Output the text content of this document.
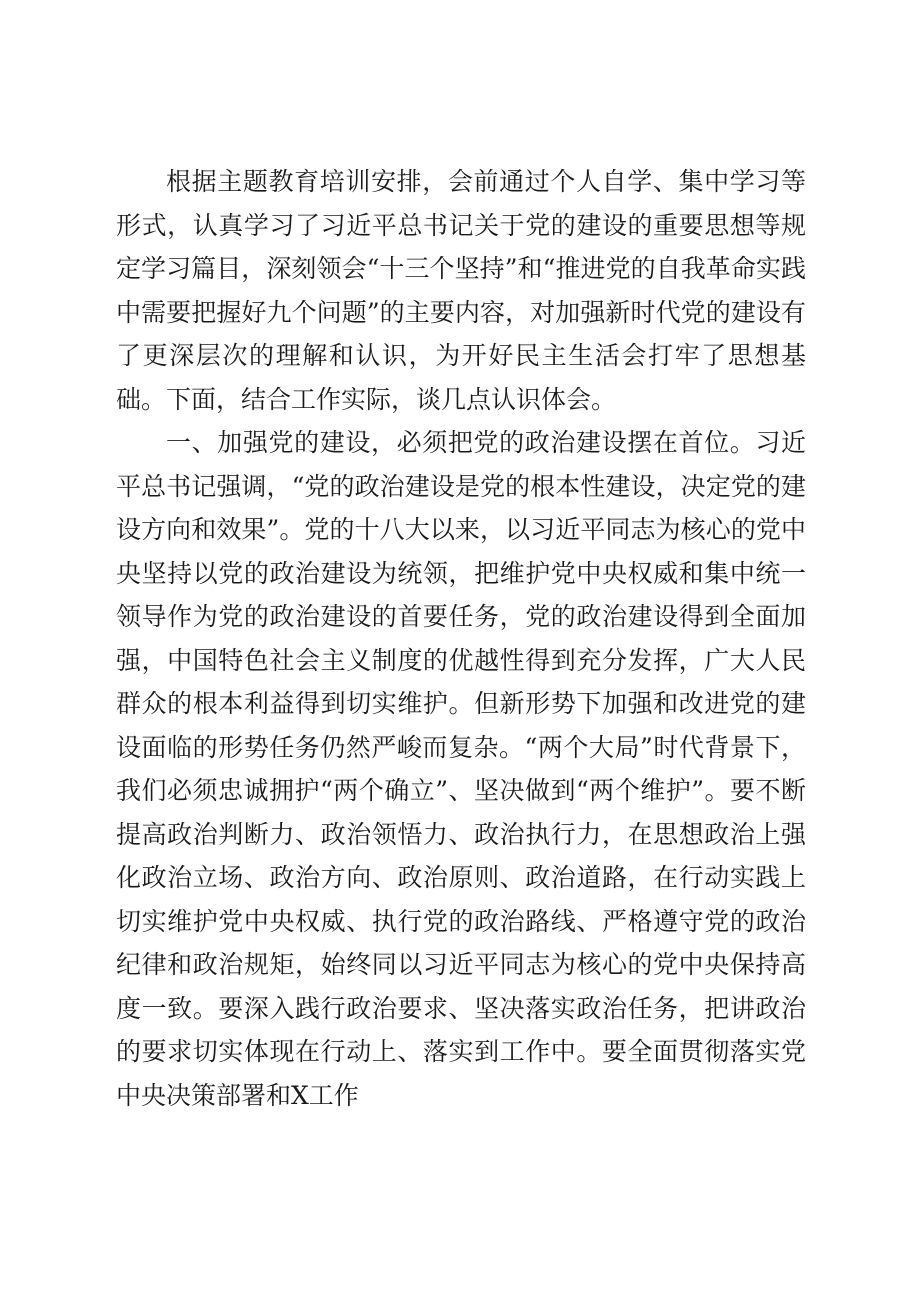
根据主题教育培训安排，会前通过个人自学、集中学习等形式，认真学习了习近平总书记关于党的建设的重要思想等规定学习篇目，深刻领会“十三个坚持”和“推进党的自我革命实践中需要把握好九个问题”的主要内容，对加强新时代党的建设有了更深层次的理解和认识，为开好民主生活会打牢了思想基础。下面，结合工作实际，谈几点认识体会。

一、加强党的建设，必须把党的政治建设摆在首位。习近平总书记强调，“党的政治建设是党的根本性建设，决定党的建设方向和效果”。党的十八大以来，以习近平同志为核心的党中央坚持以党的政治建设为统领，把维护党中央权威和集中统一领导作为党的政治建设的首要任务，党的政治建设得到全面加强，中国特色社会主义制度的优越性得到充分发挥，广大人民群众的根本利益得到切实维护。但新形势下加强和改进党的建设面临的形势任务仍然严峻而复杂。“两个大局”时代背景下，我们必须忠诚拥护“两个确立”、坚决做到“两个维护”。要不断提高政治判断力、政治领悟力、政治执行力，在思想政治上强化政治立场、政治方向、政治原则、政治道路，在行动实践上切实维护党中央权威、执行党的政治路线、严格遵守党的政治纪律和政治规矩，始终同以习近平同志为核心的党中央保持高度一致。要深入践行政治要求、坚决落实政治任务，把讲政治的要求切实体现在行动上、落实到工作中。要全面贯彻落实党中央决策部署和X工作
